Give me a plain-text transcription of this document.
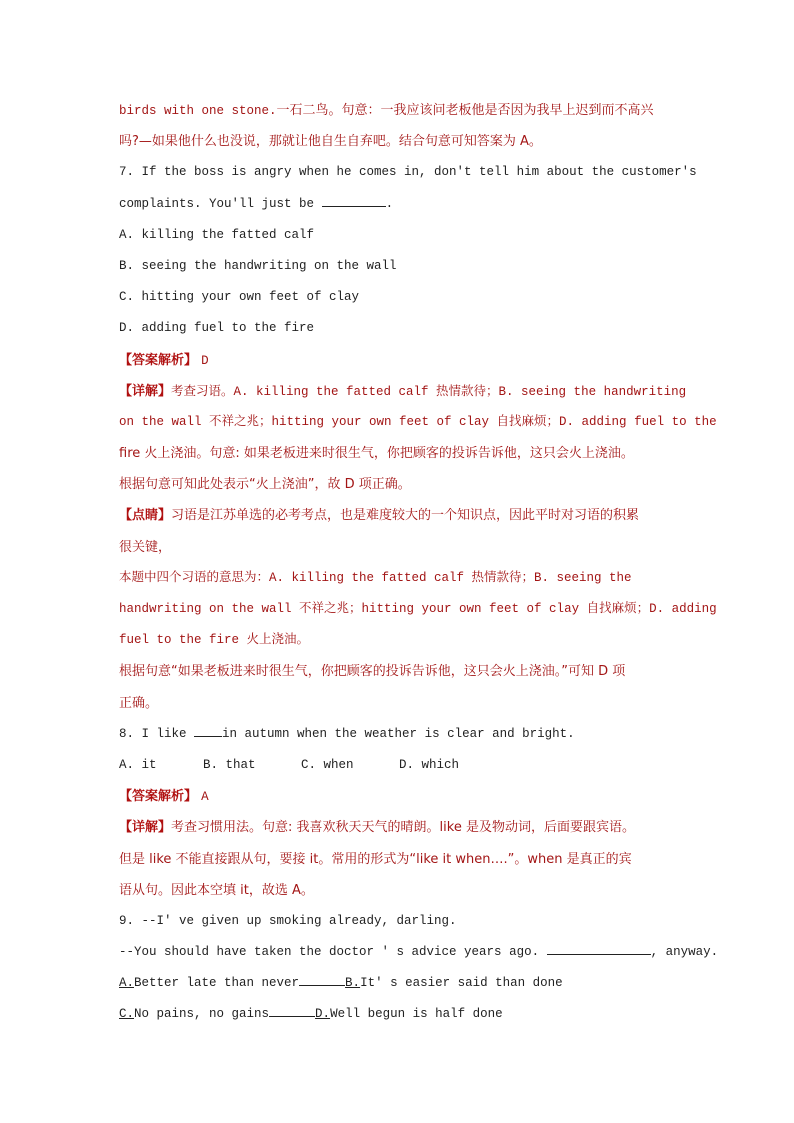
birds with one stone.一石二鸟。句意：一我应该问老板他是否因为我早上迟到而不高兴
吗?—如果他什么也没说，那就让他自生自弃吧。结合句意可知答案为 A。
7. If the boss is angry when he comes in, don't tell him about the customer's
complaints. You'll just be	.
A. killing the fatted calf
B. seeing the handwriting on the wall
C. hitting your own feet of clay
D. adding fuel to the fire
【答案解析】 D
【详解】考查习语。A. killing the fatted calf 热情款待；B. seeing the handwriting
on the wall 不祥之兆；hitting your own feet of clay 自找麻烦；D. adding fuel to the
fire 火上浇油。句意: 如果老板进来时很生气，你把顾客的投诉告诉他，这只会火上浇油。
根据句意可知此处表示“火上浇油”，故 D 项正确。
【点睛】习语是江苏单选的必考考点，也是难度较大的一个知识点，因此平时对习语的积累
很关键，
本题中四个习语的意思为：A. killing the fatted calf 热情款待；B. seeing the
handwriting on the wall 不祥之兆；hitting your own feet of clay 自找麻烦；D. adding
fuel to the fire 火上浇油。
根据句意“如果老板进来时很生气，你把顾客的投诉告诉他，这只会火上浇油。”可知 D 项
正确。
8. I like	in autumn when the weather is clear and bright.
A. it	B. that	C. when	D. which
【答案解析】 A
【详解】考查习惯用法。句意: 我喜欢秋天天气的晴朗。like 是及物动词，后面要跟宾语。
但是 like 不能直接跟从句，要接 it。常用的形式为“like it when….”。when 是真正的宾
语从句。因此本空填 it，故选 A。
9. --I' ve given up smoking already, darling.
--You should have taken the doctor ' s advice years ago.	, anyway.
A.Better late than never	B.It' s easier said than done
C.No pains, no gains	D.Well begun is half done
